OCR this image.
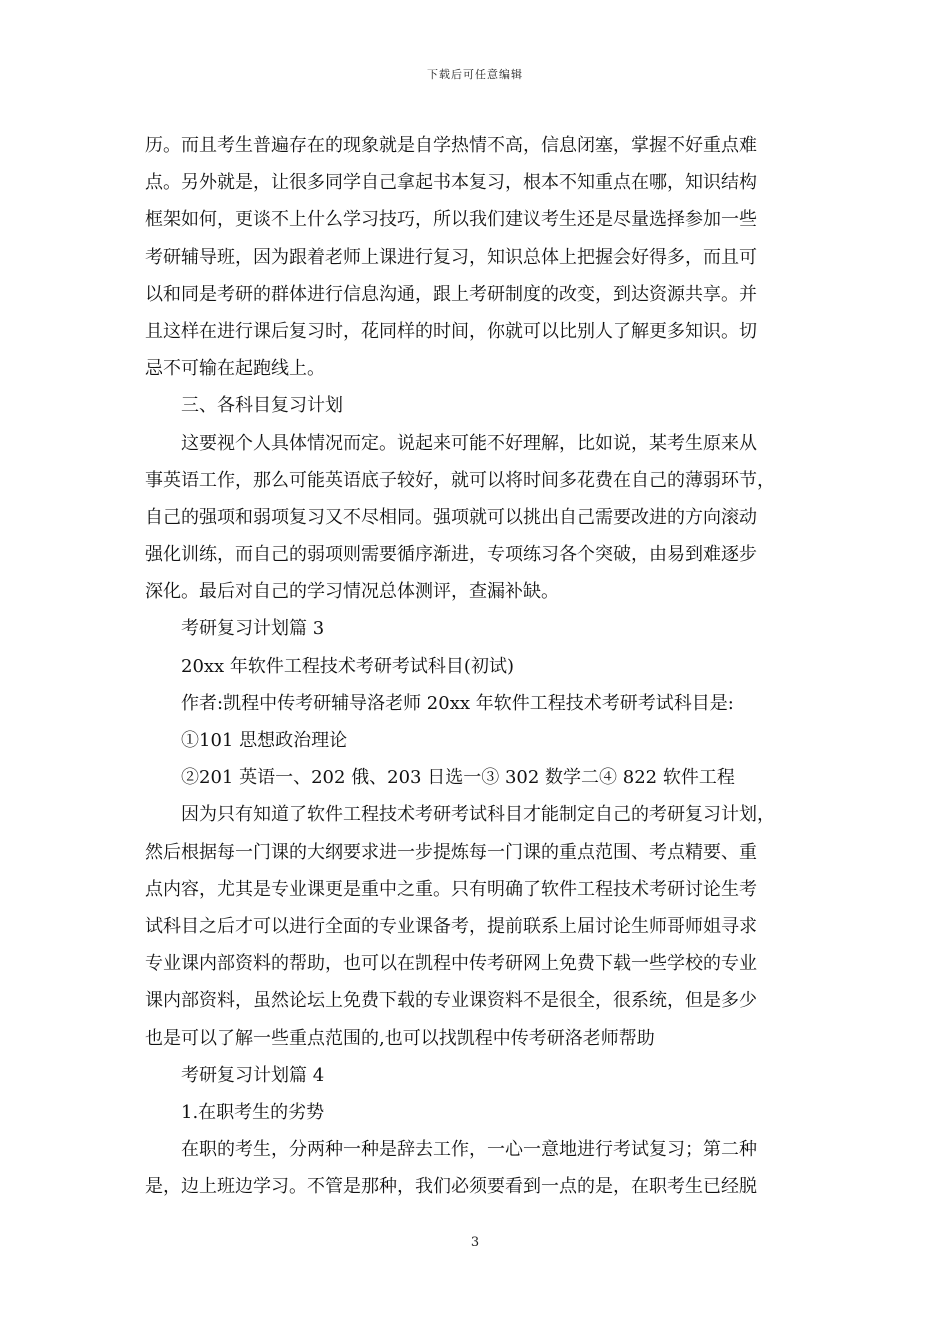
下载后可任意编辑
历。而且考生普遍存在的现象就是自学热情不高，信息闭塞，掌握不好重点难
点。另外就是，让很多同学自己拿起书本复习，根本不知重点在哪，知识结构
框架如何，更谈不上什么学习技巧，所以我们建议考生还是尽量选择参加一些
考研辅导班，因为跟着老师上课进行复习，知识总体上把握会好得多，而且可
以和同是考研的群体进行信息沟通，跟上考研制度的改变，到达资源共享。并
且这样在进行课后复习时，花同样的时间，你就可以比别人了解更多知识。切
忌不可输在起跑线上。
三、各科目复习计划
这要视个人具体情况而定。说起来可能不好理解，比如说，某考生原来从
事英语工作，那么可能英语底子较好，就可以将时间多花费在自己的薄弱环节，
自己的强项和弱项复习又不尽相同。强项就可以挑出自己需要改进的方向滚动
强化训练，而自己的弱项则需要循序渐进，专项练习各个突破，由易到难逐步
深化。最后对自己的学习情况总体测评，查漏补缺。
考研复习计划篇 3
20xx 年软件工程技术考研考试科目(初试)
作者:凯程中传考研辅导洛老师 20xx 年软件工程技术考研考试科目是:
①101 思想政治理论
②201 英语一、202 俄、203 日选一③ 302 数学二④ 822 软件工程
因为只有知道了软件工程技术考研考试科目才能制定自己的考研复习计划，
然后根据每一门课的大纲要求进一步提炼每一门课的重点范围、考点精要、重
点内容，尤其是专业课更是重中之重。只有明确了软件工程技术考研讨论生考
试科目之后才可以进行全面的专业课备考，提前联系上届讨论生师哥师姐寻求
专业课内部资料的帮助，也可以在凯程中传考研网上免费下载一些学校的专业
课内部资料，虽然论坛上免费下载的专业课资料不是很全，很系统，但是多少
也是可以了解一些重点范围的,也可以找凯程中传考研洛老师帮助
考研复习计划篇 4
1.在职考生的劣势
在职的考生，分两种一种是辞去工作，一心一意地进行考试复习；第二种
是，边上班边学习。不管是那种，我们必须要看到一点的是，在职考生已经脱
3
